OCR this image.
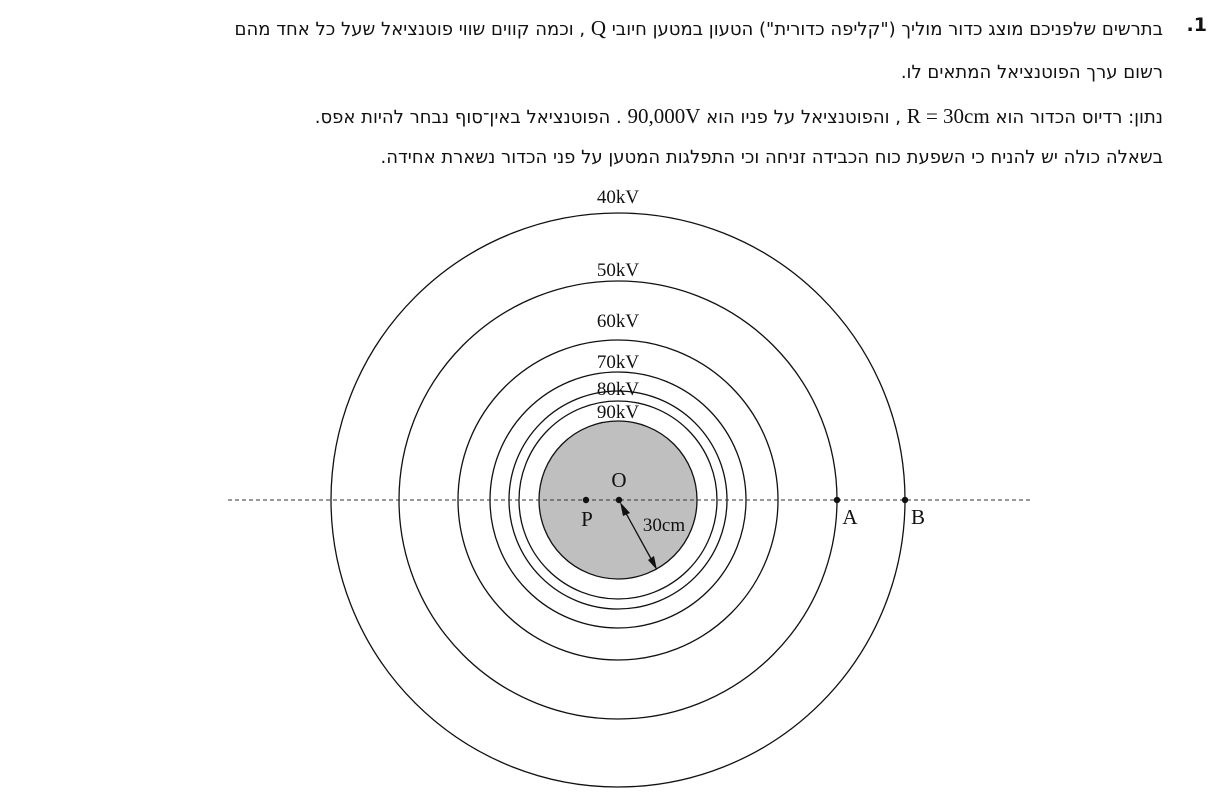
.1
בתרשים שלפניכם מוצג כדור מוליך ("קליפה כדורית") הטעון במטען חיובי Q , וכמה קווים שווי פוטנציאל שעל כל אחד מהם
רשום ערך הפוטנציאל המתאים לו.
נתון: רדיוס הכדור הוא R = 30cm , והפוטנציאל על פניו הוא 90,000V . הפוטנציאל באין־סוף נבחר להיות אפס.
בשאלה כולה יש להניח כי השפעת כוח הכבידה זניחה וכי התפלגות המטען על פני הכדור נשארת אחידה.
40kV
50kV
60kV
70kV
80kV
90kV
O
P	A	B
30cm
